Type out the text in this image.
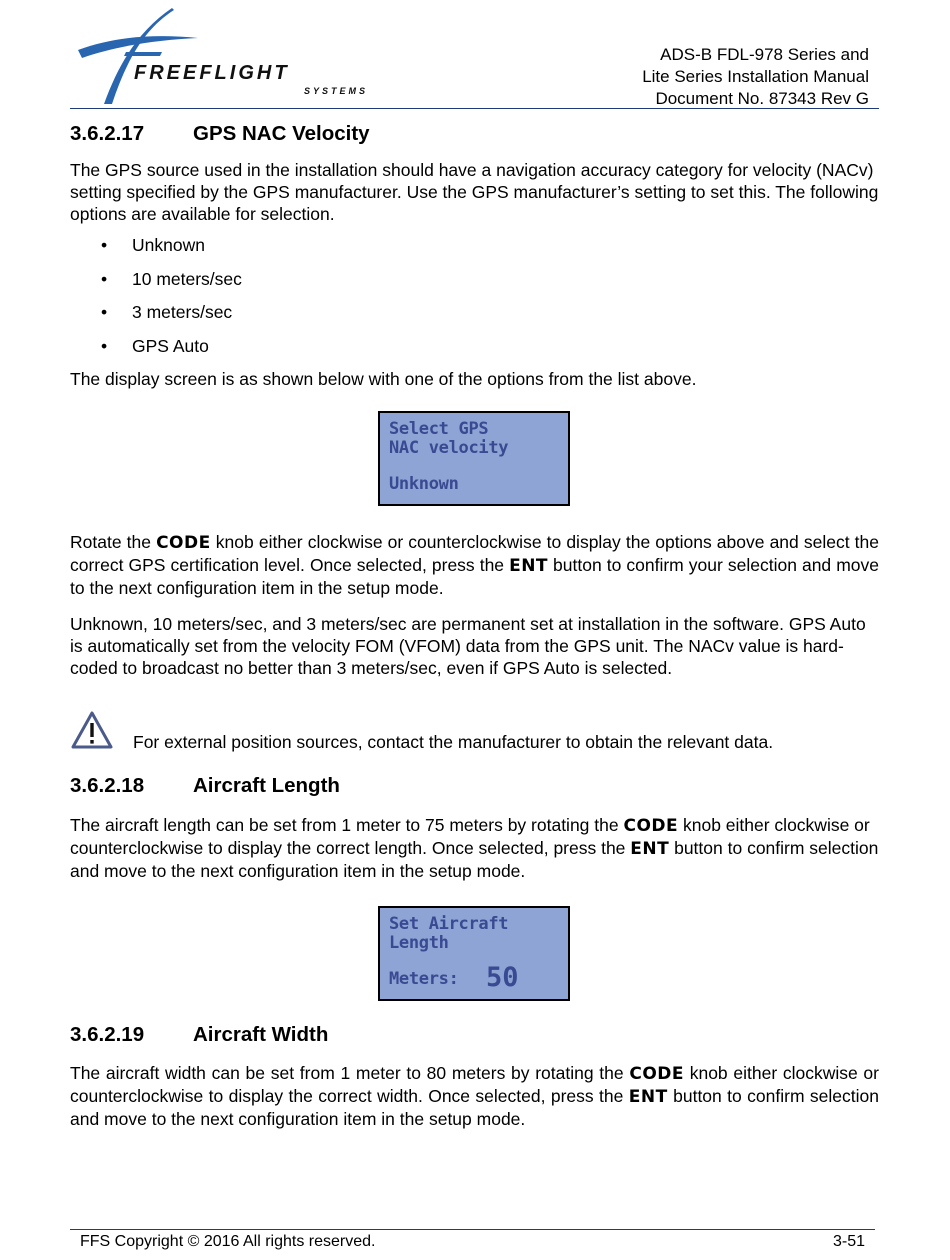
FREEFLIGHT
SYSTEMS
ADS-B FDL-978 Series and
Lite Series Installation Manual
Document No. 87343 Rev G
3.6.2.17 GPS NAC Velocity

The GPS source used in the installation should have a navigation accuracy category for velocity (NACv) setting specified by the GPS manufacturer. Use the GPS manufacturer’s setting to set this. The following options are available for selection.

• Unknown
• 10 meters/sec
• 3 meters/sec
• GPS Auto

The display screen is as shown below with one of the options from the list above.

Select GPS
NAC velocity
Unknown

Rotate the CODE knob either clockwise or counterclockwise to display the options above and select the correct GPS certification level. Once selected, press the ENT button to confirm your selection and move to the next configuration item in the setup mode.

Unknown, 10 meters/sec, and 3 meters/sec are permanent set at installation in the software. GPS Auto is automatically set from the velocity FOM (VFOM) data from the GPS unit. The NACv value is hard-coded to broadcast no better than 3 meters/sec, even if GPS Auto is selected.

For external position sources, contact the manufacturer to obtain the relevant data.

3.6.2.18 Aircraft Length

The aircraft length can be set from 1 meter to 75 meters by rotating the CODE knob either clockwise or counterclockwise to display the correct length. Once selected, press the ENT button to confirm selection and move to the next configuration item in the setup mode.

Set Aircraft
Length
Meters: 50
3.6.2.19 Aircraft Width

The aircraft width can be set from 1 meter to 80 meters by rotating the CODE knob either clockwise or counterclockwise to display the correct width. Once selected, press the ENT button to confirm selection and move to the next configuration item in the setup mode.

FFS Copyright © 2016 All rights reserved.	3-51
